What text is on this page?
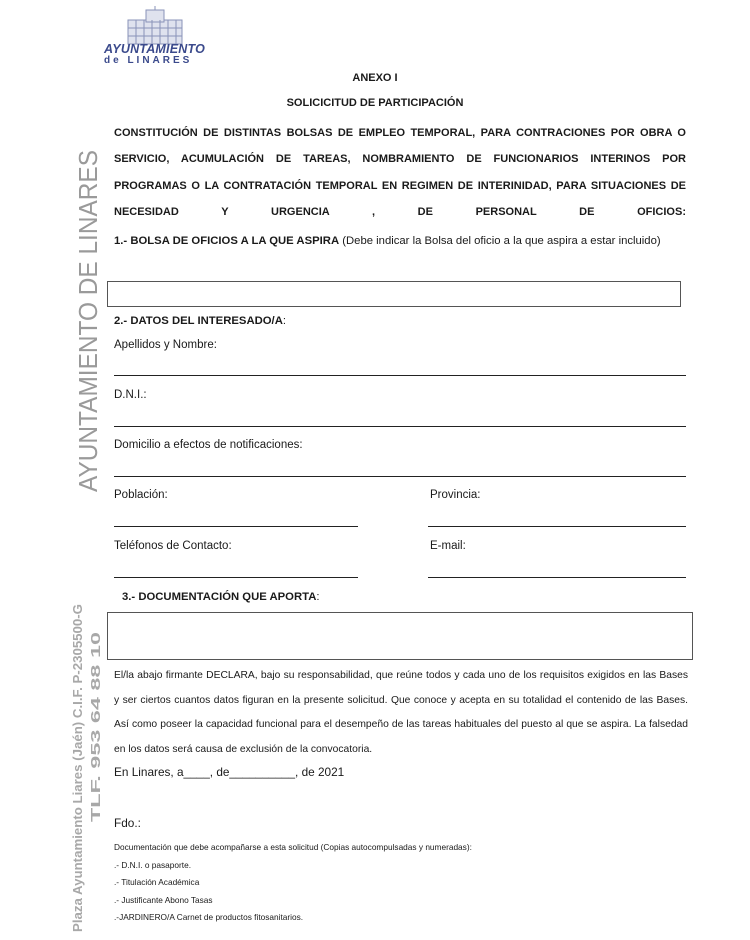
AYUNTAMIENTO
de LINARES
AYUNTAMIENTO DE LINARES
Plaza Ayuntamiento Liares (Jaén) C.I.F. P-2305500-G TLF. 953 64 88 10
ANEXO I
SOLICICITUD DE PARTICIPACIÓN
CONSTITUCIÓN DE DISTINTAS BOLSAS DE EMPLEO TEMPORAL, PARA CONTRACIONES POR OBRA O SERVICIO, ACUMULACIÓN DE TAREAS, NOMBRAMIENTO DE FUNCIONARIOS INTERINOS POR PROGRAMAS O LA CONTRATACIÓN TEMPORAL EN REGIMEN DE INTERINIDAD, PARA SITUACIONES DE NECESIDAD Y URGENCIA , DE PERSONAL DE OFICIOS:
1.- BOLSA DE OFICIOS A LA QUE ASPIRA (Debe indicar la Bolsa del oficio a la que aspira a estar incluido)
2.- DATOS DEL INTERESADO/A:
Apellidos y Nombre:
D.N.I.:
Domicilio a efectos de notificaciones:
Población:	Provincia:
Teléfonos de Contacto:	E-mail:
3.- DOCUMENTACIÓN QUE APORTA:
El/la abajo firmante DECLARA, bajo su responsabilidad, que reúne todos y cada uno de los requisitos exigidos en las Bases y ser ciertos cuantos datos figuran en la presente solicitud. Que conoce y acepta en su totalidad el contenido de las Bases. Así como poseer la capacidad funcional para el desempeño de las tareas habituales del puesto al que se aspira. La falsedad en los datos será causa de exclusión de la convocatoria.
En Linares, a____, de__________, de 2021
Fdo.:
Documentación que debe acompañarse a esta solicitud (Copias autocompulsadas y numeradas):
.- D.N.I. o pasaporte.
.- Titulación Académica
.- Justificante Abono Tasas
.-JARDINERO/A Carnet de productos fitosanitarios.
